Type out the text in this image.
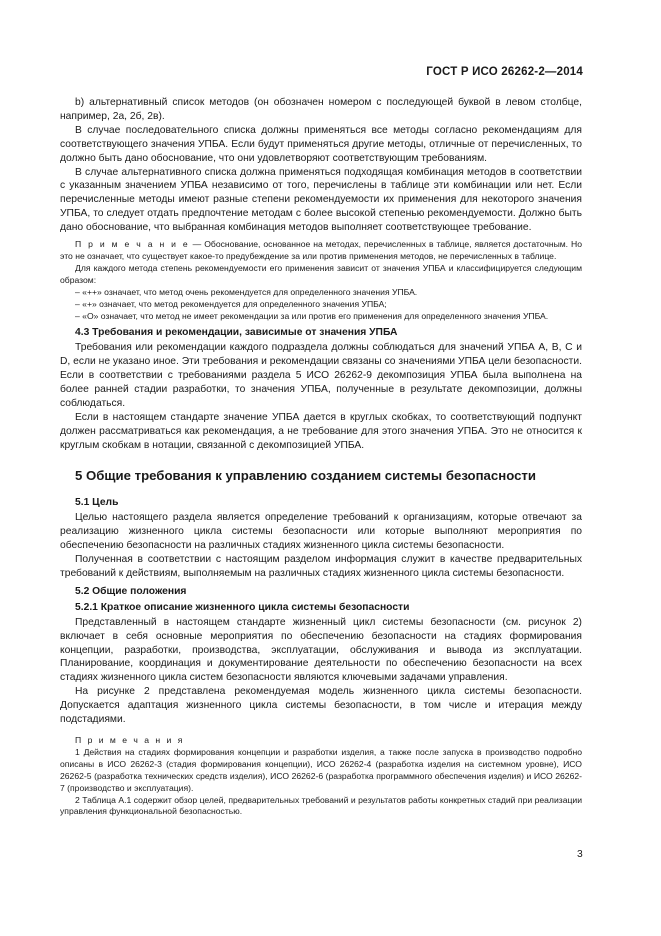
ГОСТ Р ИСО 26262-2—2014

b) альтернативный список методов (он обозначен номером с последующей буквой в левом столбце, например, 2а, 2б, 2в).

В случае последовательного списка должны применяться все методы согласно рекомендациям для соответствующего значения УПБА. Если будут применяться другие методы, отличные от перечисленных, то должно быть дано обоснование, что они удовлетворяют соответствующим требованиям.

В случае альтернативного списка должна применяться подходящая комбинация методов в соответствии с указанным значением УПБА независимо от того, перечислены в таблице эти комбинации или нет. Если перечисленные методы имеют разные степени рекомендуемости их применения для некоторого значения УПБА, то следует отдать предпочтение методам с более высокой степенью рекомендуемости. Должно быть дано обоснование, что выбранная комбинация методов выполняет соответствующее требование.

П р и м е ч а н и е — Обоснование, основанное на методах, перечисленных в таблице, является достаточным. Но это не означает, что существует какое-то предубеждение за или против применения методов, не перечисленных в таблице.

Для каждого метода степень рекомендуемости его применения зависит от значения УПБА и классифицируется следующим образом:

– «++» означает, что метод очень рекомендуется для определенного значения УПБА.

– «+» означает, что метод рекомендуется для определенного значения УПБА;

– «О» означает, что метод не имеет рекомендации за или против его применения для определенного значения УПБА.

4.3 Требования и рекомендации, зависимые от значения УПБА

Требования или рекомендации каждого подраздела должны соблюдаться для значений УПБА A, B, C и D, если не указано иное. Эти требования и рекомендации связаны со значениями УПБА цели безопасности. Если в соответствии с требованиями раздела 5 ИСО 26262-9 декомпозиция УПБА была выполнена на более ранней стадии разработки, то значения УПБА, полученные в результате декомпозиции, должны соблюдаться.

Если в настоящем стандарте значение УПБА дается в круглых скобках, то соответствующий подпункт должен рассматриваться как рекомендация, а не требование для этого значения УПБА. Это не относится к круглым скобкам в нотации, связанной с декомпозицией УПБА.

5 Общие требования к управлению созданием системы безопасности
5.1 Цель

Целью настоящего раздела является определение требований к организациям, которые отвечают за реализацию жизненного цикла системы безопасности или которые выполняют мероприятия по обеспечению безопасности на различных стадиях жизненного цикла системы безопасности.

Полученная в соответствии с настоящим разделом информация служит в качестве предварительных требований к действиям, выполняемым на различных стадиях жизненного цикла системы безопасности.

5.2 Общие положения
5.2.1 Краткое описание жизненного цикла системы безопасности

Представленный в настоящем стандарте жизненный цикл системы безопасности (см. рисунок 2) включает в себя основные мероприятия по обеспечению безопасности на стадиях формирования концепции, разработки, производства, эксплуатации, обслуживания и вывода из эксплуатации. Планирование, координация и документирование деятельности по обеспечению безопасности на всех стадиях жизненного цикла систем безопасности являются ключевыми задачами управления.

На рисунке 2 представлена рекомендуемая модель жизненного цикла системы безопасности. Допускается адаптация жизненного цикла системы безопасности, в том числе и итерация между подстадиями.

П р и м е ч а н и я

1 Действия на стадиях формирования концепции и разработки изделия, а также после запуска в производство подробно описаны в ИСО 26262-3 (стадия формирования концепции), ИСО 26262-4 (разработка изделия на системном уровне), ИСО 26262-5 (разработка технических средств изделия), ИСО 26262-6 (разработка программного обеспечения изделия) и ИСО 26262-7 (производство и эксплуатация).

2 Таблица А.1 содержит обзор целей, предварительных требований и результатов работы конкретных стадий при реализации управления функциональной безопасностью.

3
